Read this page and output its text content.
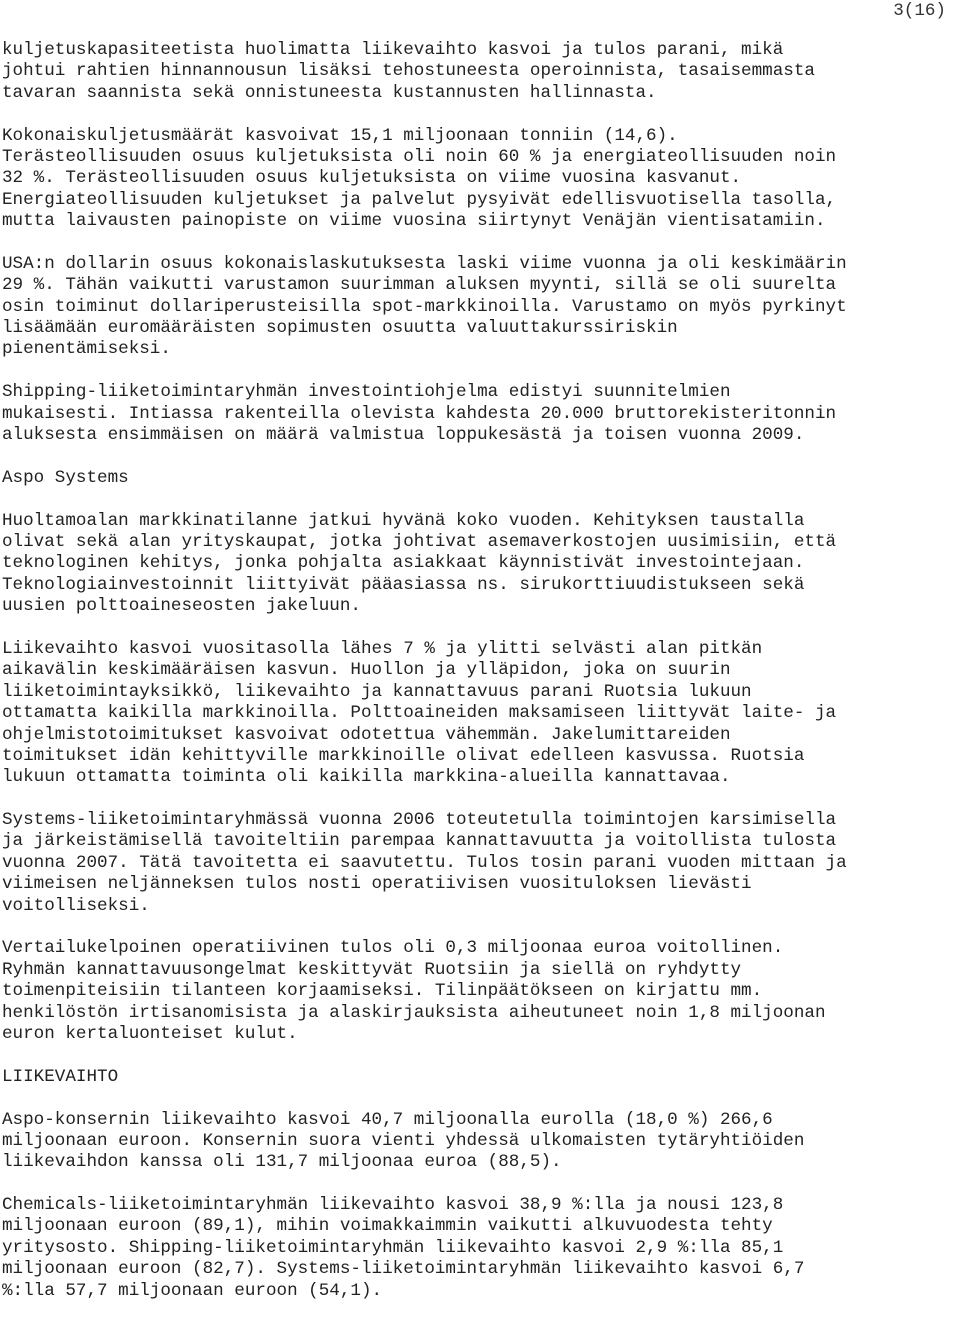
3(16)
kuljetuskapasiteetista huolimatta liikevaihto kasvoi ja tulos parani, mikä
johtui rahtien hinnannousun lisäksi tehostuneesta operoinnista, tasaisemmasta
tavaran saannista sekä onnistuneesta kustannusten hallinnasta.
Kokonaiskuljetusmäärät kasvoivat 15,1 miljoonaan tonniin (14,6).
Terästeollisuuden osuus kuljetuksista oli noin 60 % ja energiateollisuuden noin
32 %. Terästeollisuuden osuus kuljetuksista on viime vuosina kasvanut.
Energiateollisuuden kuljetukset ja palvelut pysyivät edellisvuotisella tasolla,
mutta laivausten painopiste on viime vuosina siirtynyt Venäjän vientisatamiin.
USA:n dollarin osuus kokonaislaskutuksesta laski viime vuonna ja oli keskimäärin
29 %. Tähän vaikutti varustamon suurimman aluksen myynti, sillä se oli suurelta
osin toiminut dollariperusteisilla spot-markkinoilla. Varustamo on myös pyrkinyt
lisäämään euromääräisten sopimusten osuutta valuuttakurssiriskin
pienentämiseksi.
Shipping-liiketoimintaryhmän investointiohjelma edistyi suunnitelmien
mukaisesti. Intiassa rakenteilla olevista kahdesta 20.000 bruttorekisteritonnin
aluksesta ensimmäisen on määrä valmistua loppukesästä ja toisen vuonna 2009.
Aspo Systems
Huoltamoalan markkinatilanne jatkui hyvänä koko vuoden. Kehityksen taustalla
olivat sekä alan yrityskaupat, jotka johtivat asemaverkostojen uusimisiin, että
teknologinen kehitys, jonka pohjalta asiakkaat käynnistivät investointejaan.
Teknologiainvestoinnit liittyivät pääasiassa ns. sirukorttiuudistukseen sekä
uusien polttoaineseosten jakeluun.
Liikevaihto kasvoi vuositasolla lähes 7 % ja ylitti selvästi alan pitkän
aikavälin keskimääräisen kasvun. Huollon ja ylläpidon, joka on suurin
liiketoimintayksikkö, liikevaihto ja kannattavuus parani Ruotsia lukuun
ottamatta kaikilla markkinoilla. Polttoaineiden maksamiseen liittyvät laite- ja
ohjelmistotoimitukset kasvoivat odotettua vähemmän. Jakelumittareiden
toimitukset idän kehittyville markkinoille olivat edelleen kasvussa. Ruotsia
lukuun ottamatta toiminta oli kaikilla markkina-alueilla kannattavaa.
Systems-liiketoimintaryhmässä vuonna 2006 toteutetulla toimintojen karsimisella
ja järkeistämisellä tavoiteltiin parempaa kannattavuutta ja voitollista tulosta
vuonna 2007. Tätä tavoitetta ei saavutettu. Tulos tosin parani vuoden mittaan ja
viimeisen neljänneksen tulos nosti operatiivisen vuosituloksen lievästi
voitolliseksi.
Vertailukelpoinen operatiivinen tulos oli 0,3 miljoonaa euroa voitollinen.
Ryhmän kannattavuusongelmat keskittyvät Ruotsiin ja siellä on ryhdytty
toimenpiteisiin tilanteen korjaamiseksi. Tilinpäätökseen on kirjattu mm.
henkilöstön irtisanomisista ja alaskirjauksista aiheutuneet noin 1,8 miljoonan
euron kertaluonteiset kulut.
LIIKEVAIHTO
Aspo-konsernin liikevaihto kasvoi 40,7 miljoonalla eurolla (18,0 %) 266,6
miljoonaan euroon. Konsernin suora vienti yhdessä ulkomaisten tytäryhtiöiden
liikevaihdon kanssa oli 131,7 miljoonaa euroa (88,5).
Chemicals-liiketoimintaryhmän liikevaihto kasvoi 38,9 %:lla ja nousi 123,8
miljoonaan euroon (89,1), mihin voimakkaimmin vaikutti alkuvuodesta tehty
yritysosto. Shipping-liiketoimintaryhmän liikevaihto kasvoi 2,9 %:lla 85,1
miljoonaan euroon (82,7). Systems-liiketoimintaryhmän liikevaihto kasvoi 6,7
%:lla 57,7 miljoonaan euroon (54,1).
